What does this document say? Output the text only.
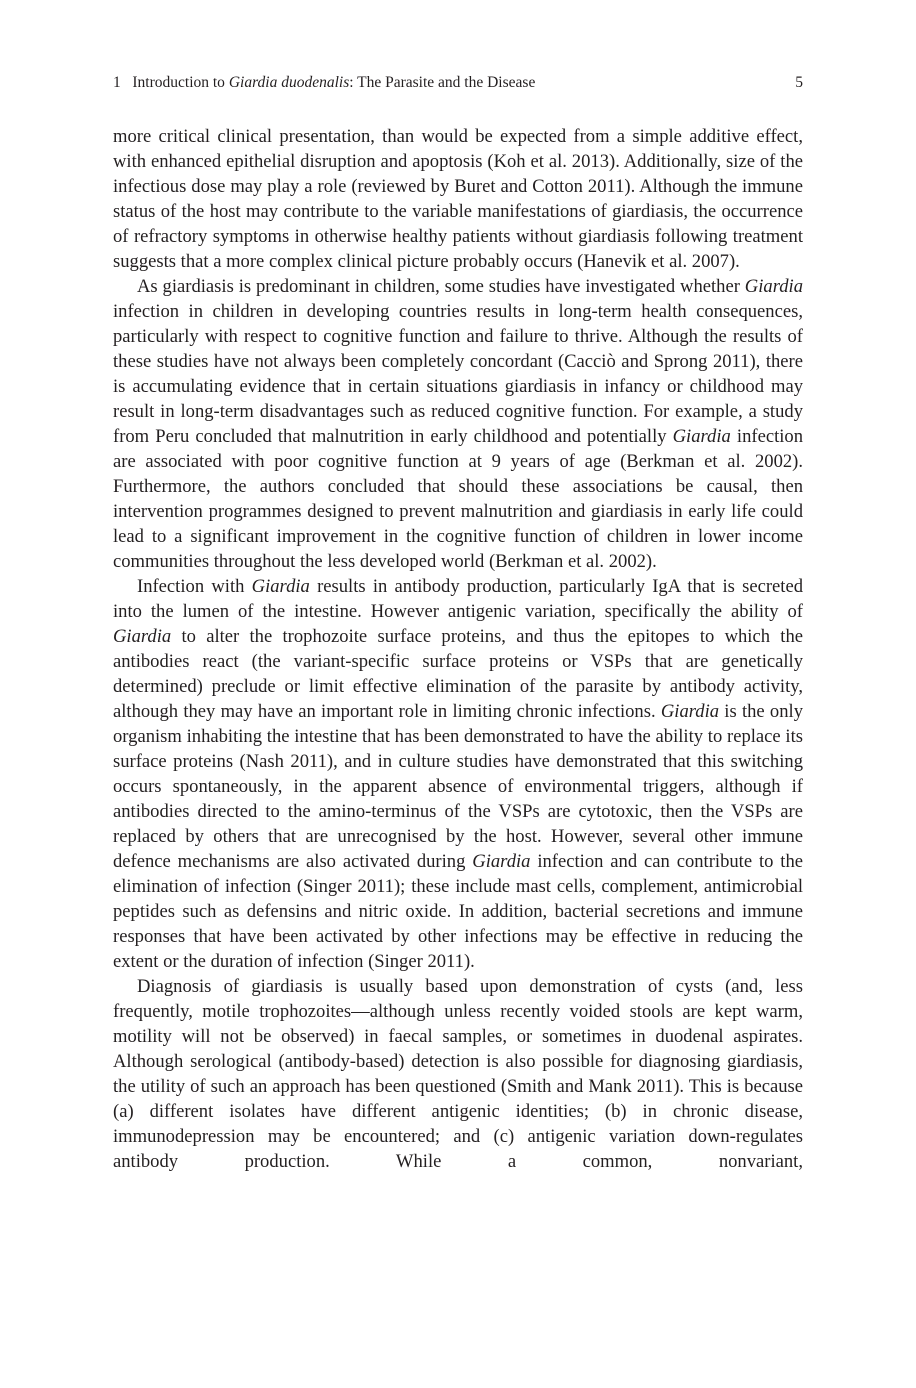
1 Introduction to Giardia duodenalis: The Parasite and the Disease	5

more critical clinical presentation, than would be expected from a simple additive effect, with enhanced epithelial disruption and apoptosis (Koh et al. 2013). Additionally, size of the infectious dose may play a role (reviewed by Buret and Cotton 2011). Although the immune status of the host may contribute to the variable manifestations of giardiasis, the occurrence of refractory symptoms in otherwise healthy patients without giardiasis following treatment suggests that a more complex clinical picture probably occurs (Hanevik et al. 2007).

As giardiasis is predominant in children, some studies have investigated whether Giardia infection in children in developing countries results in long-term health consequences, particularly with respect to cognitive function and failure to thrive. Although the results of these studies have not always been completely concordant (Cacciò and Sprong 2011), there is accumulating evidence that in certain situations giardiasis in infancy or childhood may result in long-term disadvantages such as reduced cognitive function. For example, a study from Peru concluded that malnutrition in early childhood and potentially Giardia infection are associated with poor cognitive function at 9 years of age (Berkman et al. 2002). Furthermore, the authors concluded that should these associations be causal, then intervention programmes designed to prevent malnutrition and giardiasis in early life could lead to a significant improvement in the cognitive function of children in lower income communities throughout the less developed world (Berkman et al. 2002).

Infection with Giardia results in antibody production, particularly IgA that is secreted into the lumen of the intestine. However antigenic variation, specifically the ability of Giardia to alter the trophozoite surface proteins, and thus the epitopes to which the antibodies react (the variant-specific surface proteins or VSPs that are genetically determined) preclude or limit effective elimination of the parasite by antibody activity, although they may have an important role in limiting chronic infections. Giardia is the only organism inhabiting the intestine that has been demonstrated to have the ability to replace its surface proteins (Nash 2011), and in culture studies have demonstrated that this switching occurs spontaneously, in the apparent absence of environmental triggers, although if antibodies directed to the amino-terminus of the VSPs are cytotoxic, then the VSPs are replaced by others that are unrecognised by the host. However, several other immune defence mechanisms are also activated during Giardia infection and can contribute to the elimination of infection (Singer 2011); these include mast cells, complement, antimicrobial peptides such as defensins and nitric oxide. In addition, bacterial secretions and immune responses that have been activated by other infections may be effective in reducing the extent or the duration of infection (Singer 2011).

Diagnosis of giardiasis is usually based upon demonstration of cysts (and, less frequently, motile trophozoites—although unless recently voided stools are kept warm, motility will not be observed) in faecal samples, or sometimes in duodenal aspirates. Although serological (antibody-based) detection is also possible for diagnosing giardiasis, the utility of such an approach has been questioned (Smith and Mank 2011). This is because (a) different isolates have different antigenic identities; (b) in chronic disease, immunodepression may be encountered; and (c) antigenic variation down-regulates antibody production. While a common, nonvariant,
